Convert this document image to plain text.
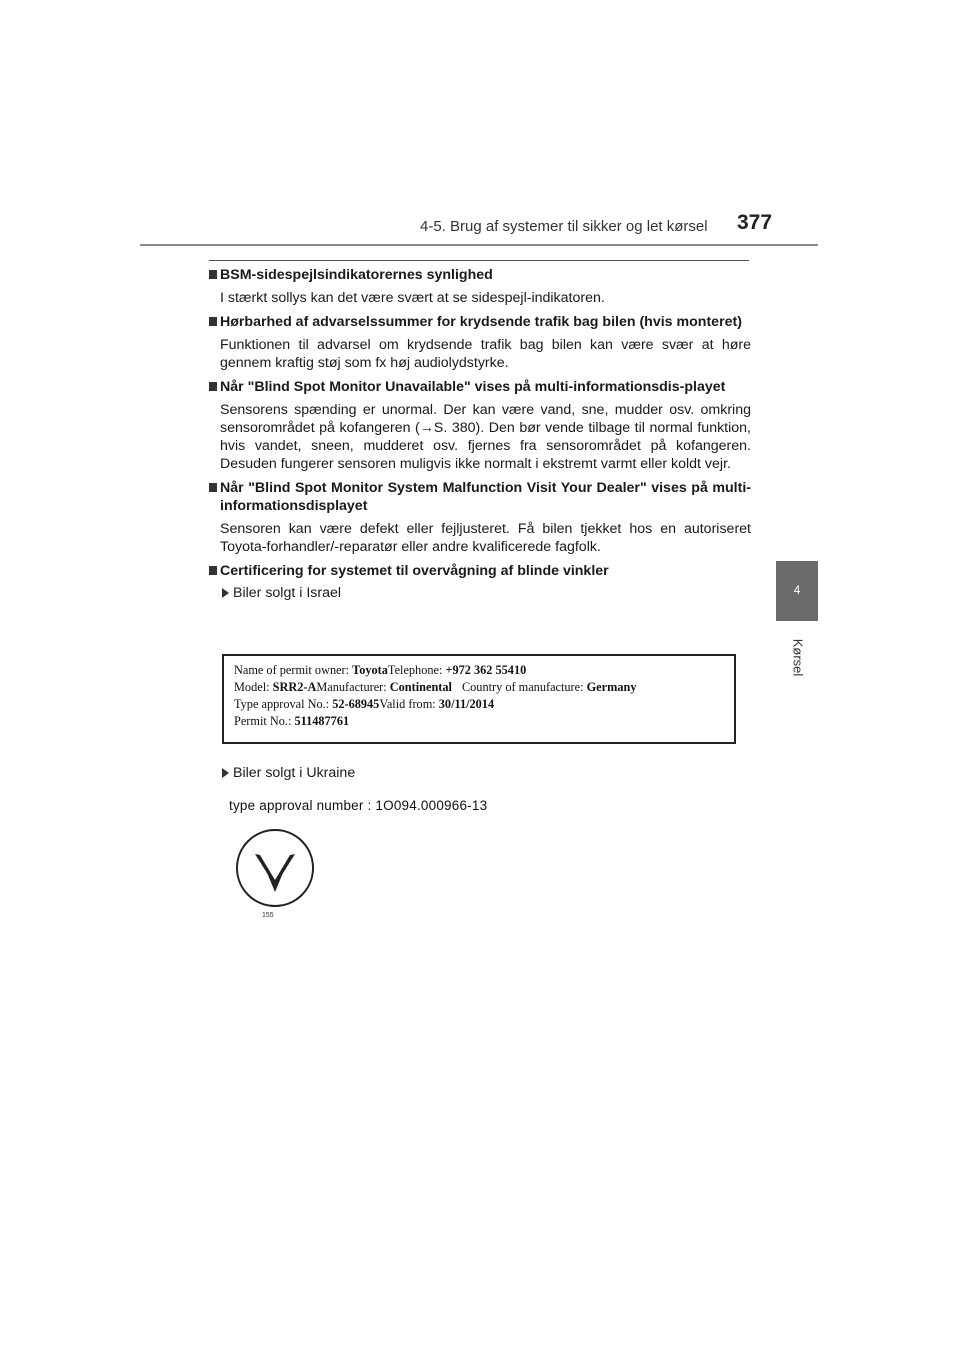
4-5. Brug af systemer til sikker og let kørsel 377
4
Kørsel
BSM-sidespejlsindikatorernes synlighed
I stærkt sollys kan det være svært at se sidespejl-indikatoren.
Hørbarhed af advarselssummer for krydsende trafik bag bilen (hvis monteret)
Funktionen til advarsel om krydsende trafik bag bilen kan være svær at høre gennem kraftig støj som fx høj audiolydstyrke.
Når "Blind Spot Monitor Unavailable" vises på multi-informationsdis-playet
Sensorens spænding er unormal. Der kan være vand, sne, mudder osv. omkring sensorområdet på kofangeren (→S. 380). Den bør vende tilbage til normal funktion, hvis vandet, sneen, mudderet osv. fjernes fra sensorområdet på kofangeren. Desuden fungerer sensoren muligvis ikke normalt i ekstremt varmt eller koldt vejr.
Når "Blind Spot Monitor System Malfunction Visit Your Dealer" vises på multi-informationsdisplayet
Sensoren kan være defekt eller fejljusteret. Få bilen tjekket hos en autoriseret Toyota-forhandler/-reparatør eller andre kvalificerede fagfolk.
Certificering for systemet til overvågning af blinde vinkler
Biler solgt i Israel
Name of permit owner: ToyotaTelephone: +972 362 55410
Model: SRR2-AManufacturer: Continental Country of manufacture: Germany
Type approval No.: 52-68945Valid from: 30/11/2014
Permit No.: 511487761
Biler solgt i Ukraine
type approval number : 1O094.000966-13
155
